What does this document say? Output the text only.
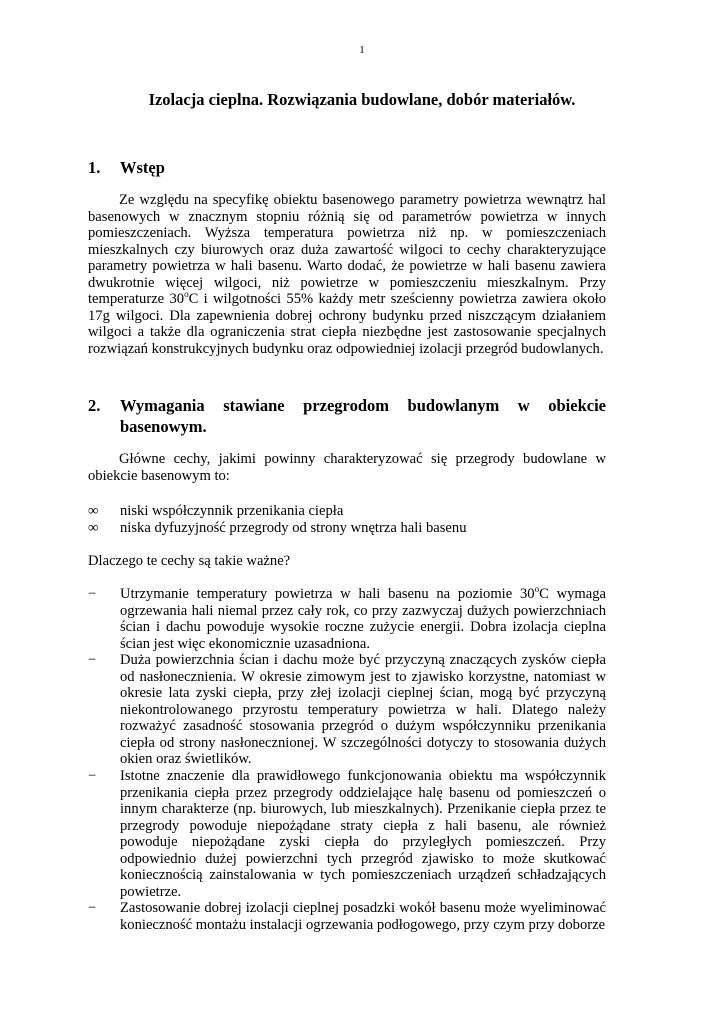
1
Izolacja cieplna. Rozwiązania budowlane, dobór materiałów.
1.	Wstęp
Ze względu na specyfikę obiektu basenowego parametry powietrza wewnątrz hal basenowych w znacznym stopniu różnią się od parametrów powietrza w innych pomieszczeniach. Wyższa temperatura powietrza niż np. w pomieszczeniach mieszkalnych czy biurowych oraz duża zawartość wilgoci to cechy charakteryzujące parametry powietrza w hali basenu. Warto dodać, że powietrze w hali basenu zawiera dwukrotnie więcej wilgoci, niż powietrze w pomieszczeniu mieszkalnym. Przy temperaturze 30$^o$C i wilgotności 55% każdy metr sześcienny powietrza zawiera około 17g wilgoci. Dla zapewnienia dobrej ochrony budynku przed niszczącym działaniem wilgoci a także dla ograniczenia strat ciepła niezbędne jest zastosowanie specjalnych rozwiązań konstrukcyjnych budynku oraz odpowiedniej izolacji przegród budowlanych.
2.	Wymagania stawiane przegrodom budowlanym w obiekcie
basenowym.
Główne cechy, jakimi powinny charakteryzować się przegrody budowlane w obiekcie basenowym to:
∞ niski współczynnik przenikania ciepła
∞ niska dyfuzyjność przegrody od strony wnętrza hali basenu
Dlaczego te cechy są takie ważne?
− Utrzymanie temperatury powietrza w hali basenu na poziomie 30$^o$C wymaga ogrzewania hali niemal przez cały rok, co przy zazwyczaj dużych powierzchniach ścian i dachu powoduje wysokie roczne zużycie energii. Dobra izolacja cieplna ścian jest więc ekonomicznie uzasadniona.
− Duża powierzchnia ścian i dachu może być przyczyną znaczących zysków ciepła od nasłonecznienia. W okresie zimowym jest to zjawisko korzystne, natomiast w okresie lata zyski ciepła, przy złej izolacji cieplnej ścian, mogą być przyczyną niekontrolowanego przyrostu temperatury powietrza w hali. Dlatego należy rozważyć zasadność stosowania przegród o dużym współczynniku przenikania ciepła od strony nasłonecznionej. W szczególności dotyczy to stosowania dużych okien oraz świetlików.
− Istotne znaczenie dla prawidłowego funkcjonowania obiektu ma współczynnik przenikania ciepła przez przegrody oddzielające halę basenu od pomieszczeń o innym charakterze (np. biurowych, lub mieszkalnych). Przenikanie ciepła przez te przegrody powoduje niepożądane straty ciepła z hali basenu, ale również powoduje niepożądane zyski ciepła do przyległych pomieszczeń. Przy odpowiednio dużej powierzchni tych przegród zjawisko to może skutkować koniecznością zainstalowania w tych pomieszczeniach urządzeń schładzających powietrze.
− Zastosowanie dobrej izolacji cieplnej posadzki wokół basenu może wyeliminować konieczność montażu instalacji ogrzewania podłogowego, przy czym przy doborze
